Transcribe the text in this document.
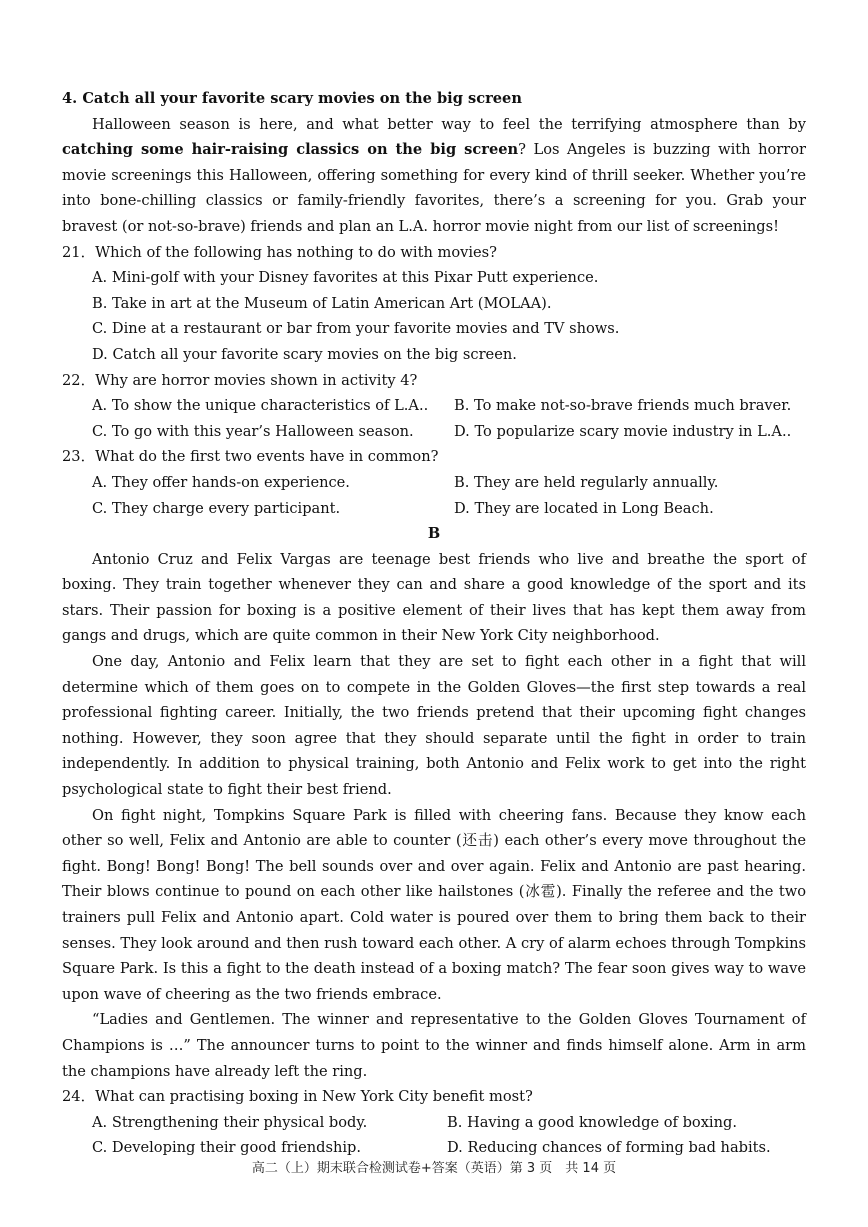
4. Catch all your favorite scary movies on the big screen

Halloween season is here, and what better way to feel the terrifying atmosphere than by catching some hair-raising classics on the big screen? Los Angeles is buzzing with horror movie screenings this Halloween, offering something for every kind of thrill seeker. Whether you’re into bone-chilling classics or family-friendly favorites, there’s a screening for you. Grab your bravest (or not-so-brave) friends and plan an L.A. horror movie night from our list of screenings!

21．Which of the following has nothing to do with movies?

A. Mini-golf with your Disney favorites at this Pixar Putt experience.

B. Take in art at the Museum of Latin American Art (MOLAA).

C. Dine at a restaurant or bar from your favorite movies and TV shows.

D. Catch all your favorite scary movies on the big screen.

22．Why are horror movies shown in activity 4?

A. To show the unique characteristics of L.A..	B. To make not-so-brave friends much braver.
C. To go with this year’s Halloween season.	D. To popularize scary movie industry in L.A..

23．What do the first two events have in common?

A. They offer hands-on experience.	B. They are held regularly annually.
C. They charge every participant.	D. They are located in Long Beach.

B

Antonio Cruz and Felix Vargas are teenage best friends who live and breathe the sport of boxing. They train together whenever they can and share a good knowledge of the sport and its stars. Their passion for boxing is a positive element of their lives that has kept them away from gangs and drugs, which are quite common in their New York City neighborhood.

One day, Antonio and Felix learn that they are set to fight each other in a fight that will determine which of them goes on to compete in the Golden Gloves—the first step towards a real professional fighting career. Initially, the two friends pretend that their upcoming fight changes nothing. However, they soon agree that they should separate until the fight in order to train independently. In addition to physical training, both Antonio and Felix work to get into the right psychological state to fight their best friend.

On fight night, Tompkins Square Park is filled with cheering fans. Because they know each other so well, Felix and Antonio are able to counter (还击) each other’s every move throughout the fight. Bong! Bong! Bong! The bell sounds over and over again. Felix and Antonio are past hearing. Their blows continue to pound on each other like hailstones (冰雹). Finally the referee and the two trainers pull Felix and Antonio apart. Cold water is poured over them to bring them back to their senses. They look around and then rush toward each other. A cry of alarm echoes through Tompkins Square Park. Is this a fight to the death instead of a boxing match? The fear soon gives way to wave upon wave of cheering as the two friends embrace.

“Ladies and Gentlemen. The winner and representative to the Golden Gloves Tournament of Champions is …” The announcer turns to point to the winner and finds himself alone. Arm in arm the champions have already left the ring.

24．What can practising boxing in New York City benefit most?

A. Strengthening their physical body.	B. Having a good knowledge of boxing.
C. Developing their good friendship.	D. Reducing chances of forming bad habits.
高二（上）期末联合检测试卷+答案（英语）第 3 页　共 14 页
